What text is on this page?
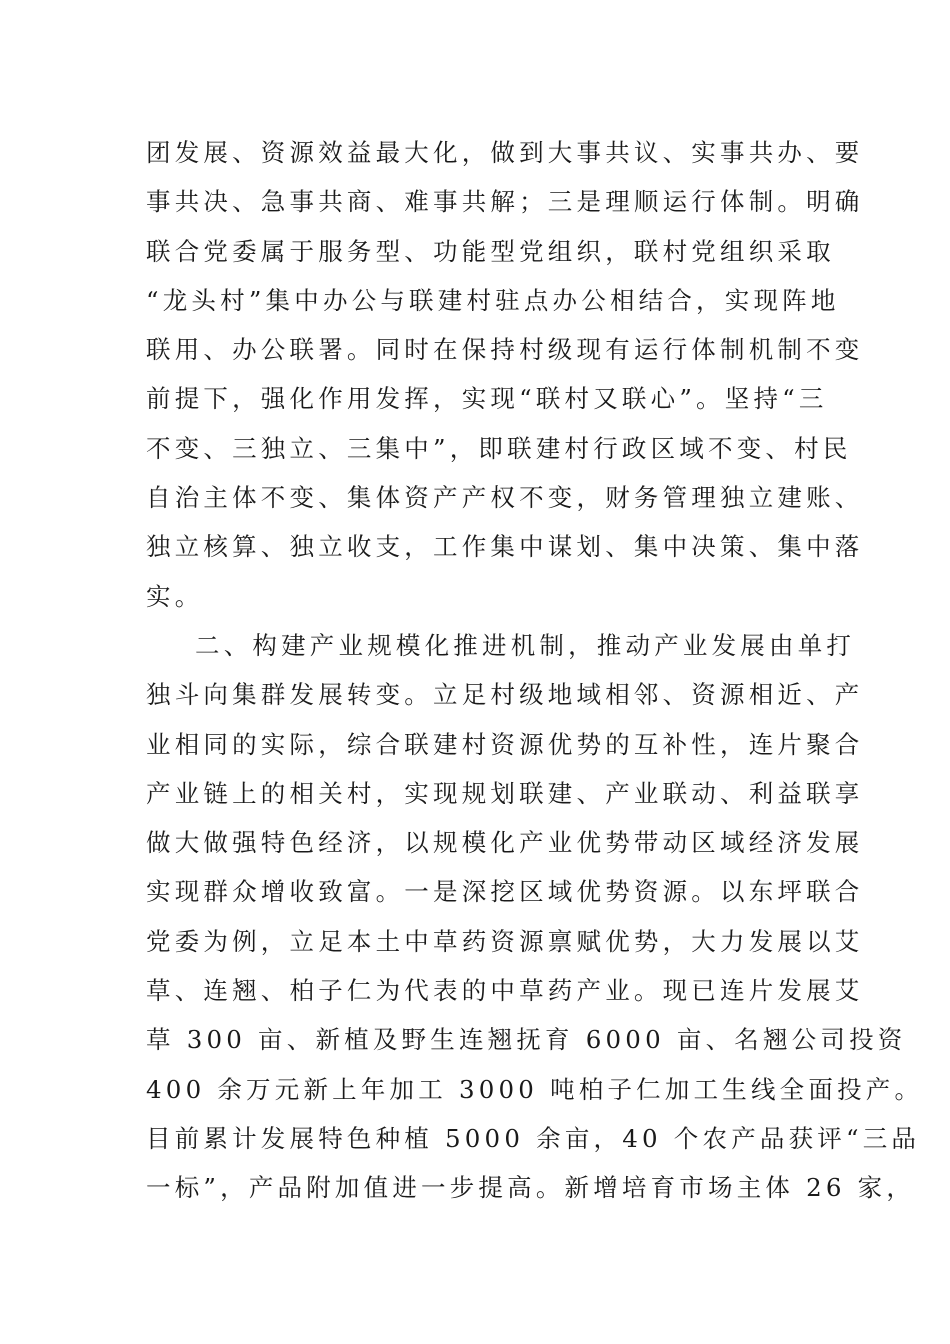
团发展、资源效益最大化，做到大事共议、实事共办、要
事共决、急事共商、难事共解；三是理顺运行体制。明确
联合党委属于服务型、功能型党组织，联村党组织采取
“龙头村”集中办公与联建村驻点办公相结合，实现阵地
联用、办公联署。同时在保持村级现有运行体制机制不变
前提下，强化作用发挥，实现“联村又联心”。坚持“三
不变、三独立、三集中”，即联建村行政区域不变、村民
自治主体不变、集体资产产权不变，财务管理独立建账、
独立核算、独立收支，工作集中谋划、集中决策、集中落
实。
二、构建产业规模化推进机制，推动产业发展由单打
独斗向集群发展转变。立足村级地域相邻、资源相近、产
业相同的实际，综合联建村资源优势的互补性，连片聚合
产业链上的相关村，实现规划联建、产业联动、利益联享
做大做强特色经济，以规模化产业优势带动区域经济发展
实现群众增收致富。一是深挖区域优势资源。以东坪联合
党委为例，立足本土中草药资源禀赋优势，大力发展以艾
草、连翘、柏子仁为代表的中草药产业。现已连片发展艾
草 300 亩、新植及野生连翘抚育 6000 亩、名翘公司投资
400 余万元新上年加工 3000 吨柏子仁加工生线全面投产。
目前累计发展特色种植 5000 余亩，40 个农产品获评“三品
一标”，产品附加值进一步提高。新增培育市场主体 26 家，
